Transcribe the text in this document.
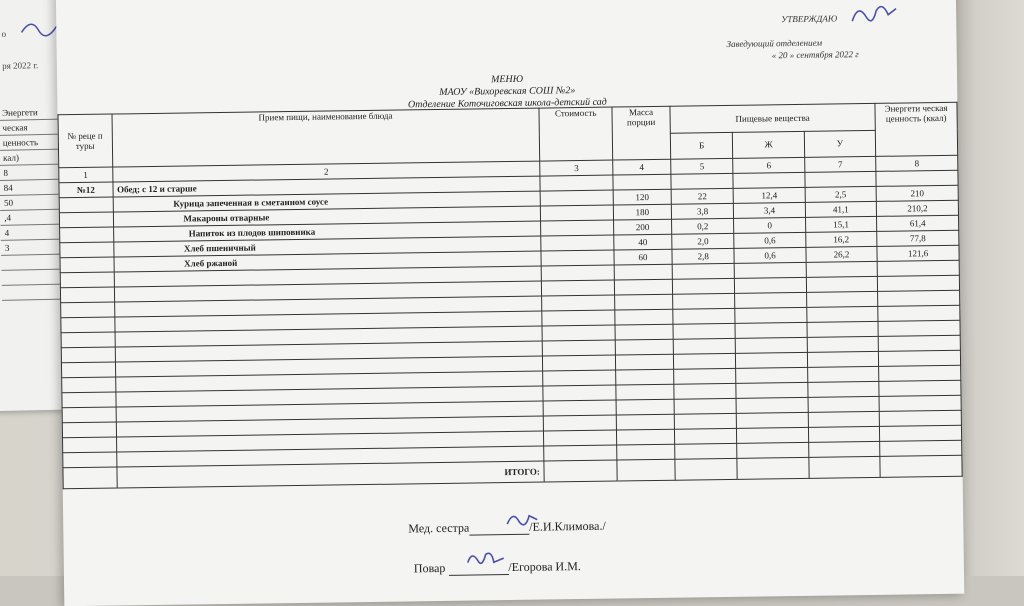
о
ря 2022 г.
Энергети
ческая
ценность
кал)
8
84
50
,4
4
3
УТВЕРЖДАЮ
Заведующий отделением
« 20 » сентября 2022 г
МЕНЮ
МАОУ «Вихоревская СОШ №2»
Отделение Коточиговская школа-детский сад
№ реце п туры	Прием пищи, наименование блюда	Стоимость	Масса порции	Пищевые вещества			Энергети ческая ценность (ккал)
				Б	Ж	У	
1	2	3	4	5	6	7	8
№12	Обед; с 12 и старше						
	Курица запеченная в сметанном соусе		120	22	12,4	2,5	210
	Макароны отварные		180	3,8	3,4	41,1	210,2
	Напиток из плодов шиповника		200	0,2	0	15,1	61,4
	Хлеб пшеничный		40	2,0	0,6	16,2	77,8
	Хлеб ржаной		60	2,8	0,6	26,2	121,6

	ИТОГО:						
Мед. сестра	/Е.И.Климова./
Повар	/Егорова И.М.
